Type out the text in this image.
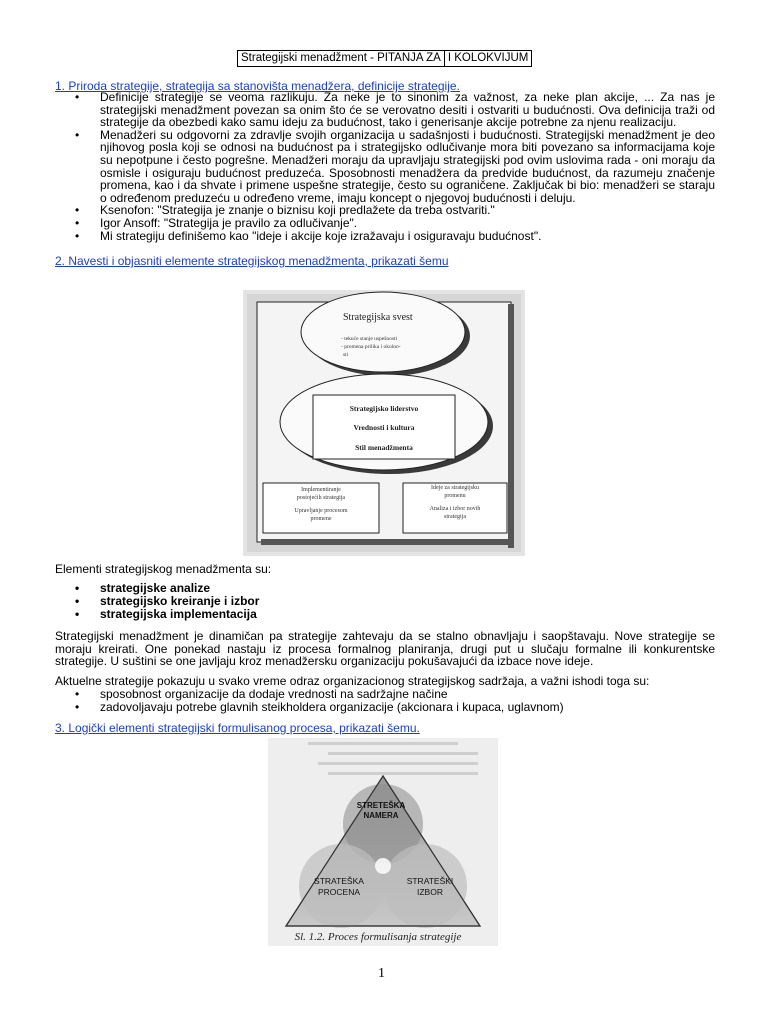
Strategijski menadžment - PITANJA ZA I KOLOKVIJUM
1. Priroda strategije, strategija sa stanovišta menadžera, definicije strategije.
• Definicije strategije se veoma razlikuju. Za neke je to sinonim za važnost, za neke plan akcije, ... Za nas je strategijski menadžment povezan sa onim što će se verovatno desiti i ostvariti u budućnosti. Ova definicija traži od strategije da obezbedi kako samu ideju za budućnost, tako i generisanje akcije potrebne za njenu realizaciju.
• Menadžeri su odgovorni za zdravlje svojih organizacija u sadašnjosti i budućnosti. Strategijski menadžment je deo njihovog posla koji se odnosi na budućnost pa i strategijsko odlučivanje mora biti povezano sa informacijama koje su nepotpune i često pogrešne. Menadžeri moraju da upravljaju strategijski pod ovim uslovima rada - oni moraju da osmisle i osiguraju budućnost preduzeća. Sposobnosti menadžera da predvide budućnost, da razumeju značenje promena, kao i da shvate i primene uspešne strategije, često su ograničene. Zaključak bi bio: menadžeri se staraju o određenom preduzeću u određeno vreme, imaju koncept o njegovoj budućnosti i deluju.
• Ksenofon: "Strategija je znanje o biznisu koji predlažete da treba ostvariti."
• Igor Ansoff: "Strategija je pravilo za odlučivanje".
• Mi strategiju definišemo kao "ideje i akcije koje izražavaju i osiguravaju budućnost".
2. Navesti i objasniti elemente strategijskog menadžmenta, prikazati šemu
Strategijska svest
- tekuće stanje uspešnosti
- promena prilika i okolno-
sti
Strategijsko liderstvo
Vrednosti i kultura
Stil menadžmenta
Implementiranje
postojećih strategija
Upravljanje procesom
promene
Ideje za strategijsku
promenu
Analiza i izbor novih
strategija

Elementi strategijskog menadžmenta su:

• strategijske analize
• strategijsko kreiranje i izbor
• strategijska implementacija

Strategijski menadžment je dinamičan pa strategije zahtevaju da se stalno obnavljaju i saopštavaju. Nove strategije se moraju kreirati. One ponekad nastaju iz procesa formalnog planiranja, drugi put u slučaju formalne ili konkurentske strategije. U suštini se one javljaju kroz menadžersku organizaciju pokušavajući da izbace nove ideje.

Aktuelne strategije pokazuju u svako vreme odraz organizacionog strategijskog sadržaja, a važni ishodi toga su:

• sposobnost organizacije da dodaje vrednosti na sadržajne načine
• zadovoljavaju potrebe glavnih steikholdera organizacije (akcionara i kupaca, uglavnom)
3. Logički elementi strategijski formulisanog procesa, prikazati šemu.
STRETEŠKA
NAMERA
STRATEŠKA
PROCENA
STRATEŠKI
IZBOR
Sl. 1.2. Proces formulisanja strategije
1
